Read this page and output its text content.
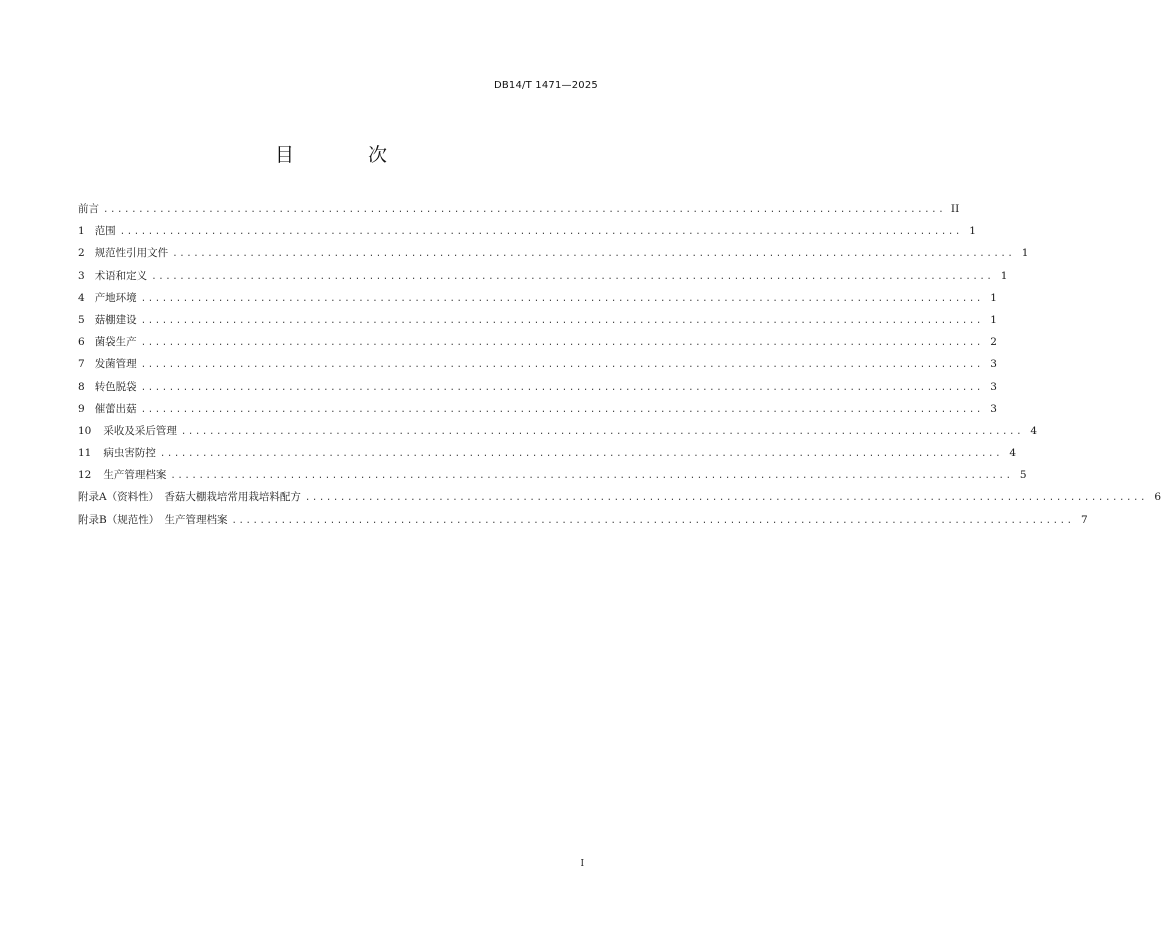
DB14/T 1471—2025
目 次
前言 ........................................................................................................................ II
1 范围 ........................................................................................................................ 1
2 规范性引用文件 ........................................................................................................................ 1
3 术语和定义 ........................................................................................................................ 1
4 产地环境 ........................................................................................................................ 1
5 菇棚建设 ........................................................................................................................ 1
6 菌袋生产 ........................................................................................................................ 2
7 发菌管理 ........................................................................................................................ 3
8 转色脱袋 ........................................................................................................................ 3
9 催蕾出菇 ........................................................................................................................ 3
10 采收及采后管理 ........................................................................................................................ 4
11 病虫害防控 ........................................................................................................................ 4
12 生产管理档案 ........................................................................................................................ 5
附录A（资料性）　香菇大棚栽培常用栽培料配方 ........................................................................................................................ 6
附录B（规范性）　生产管理档案 ........................................................................................................................ 7
I
